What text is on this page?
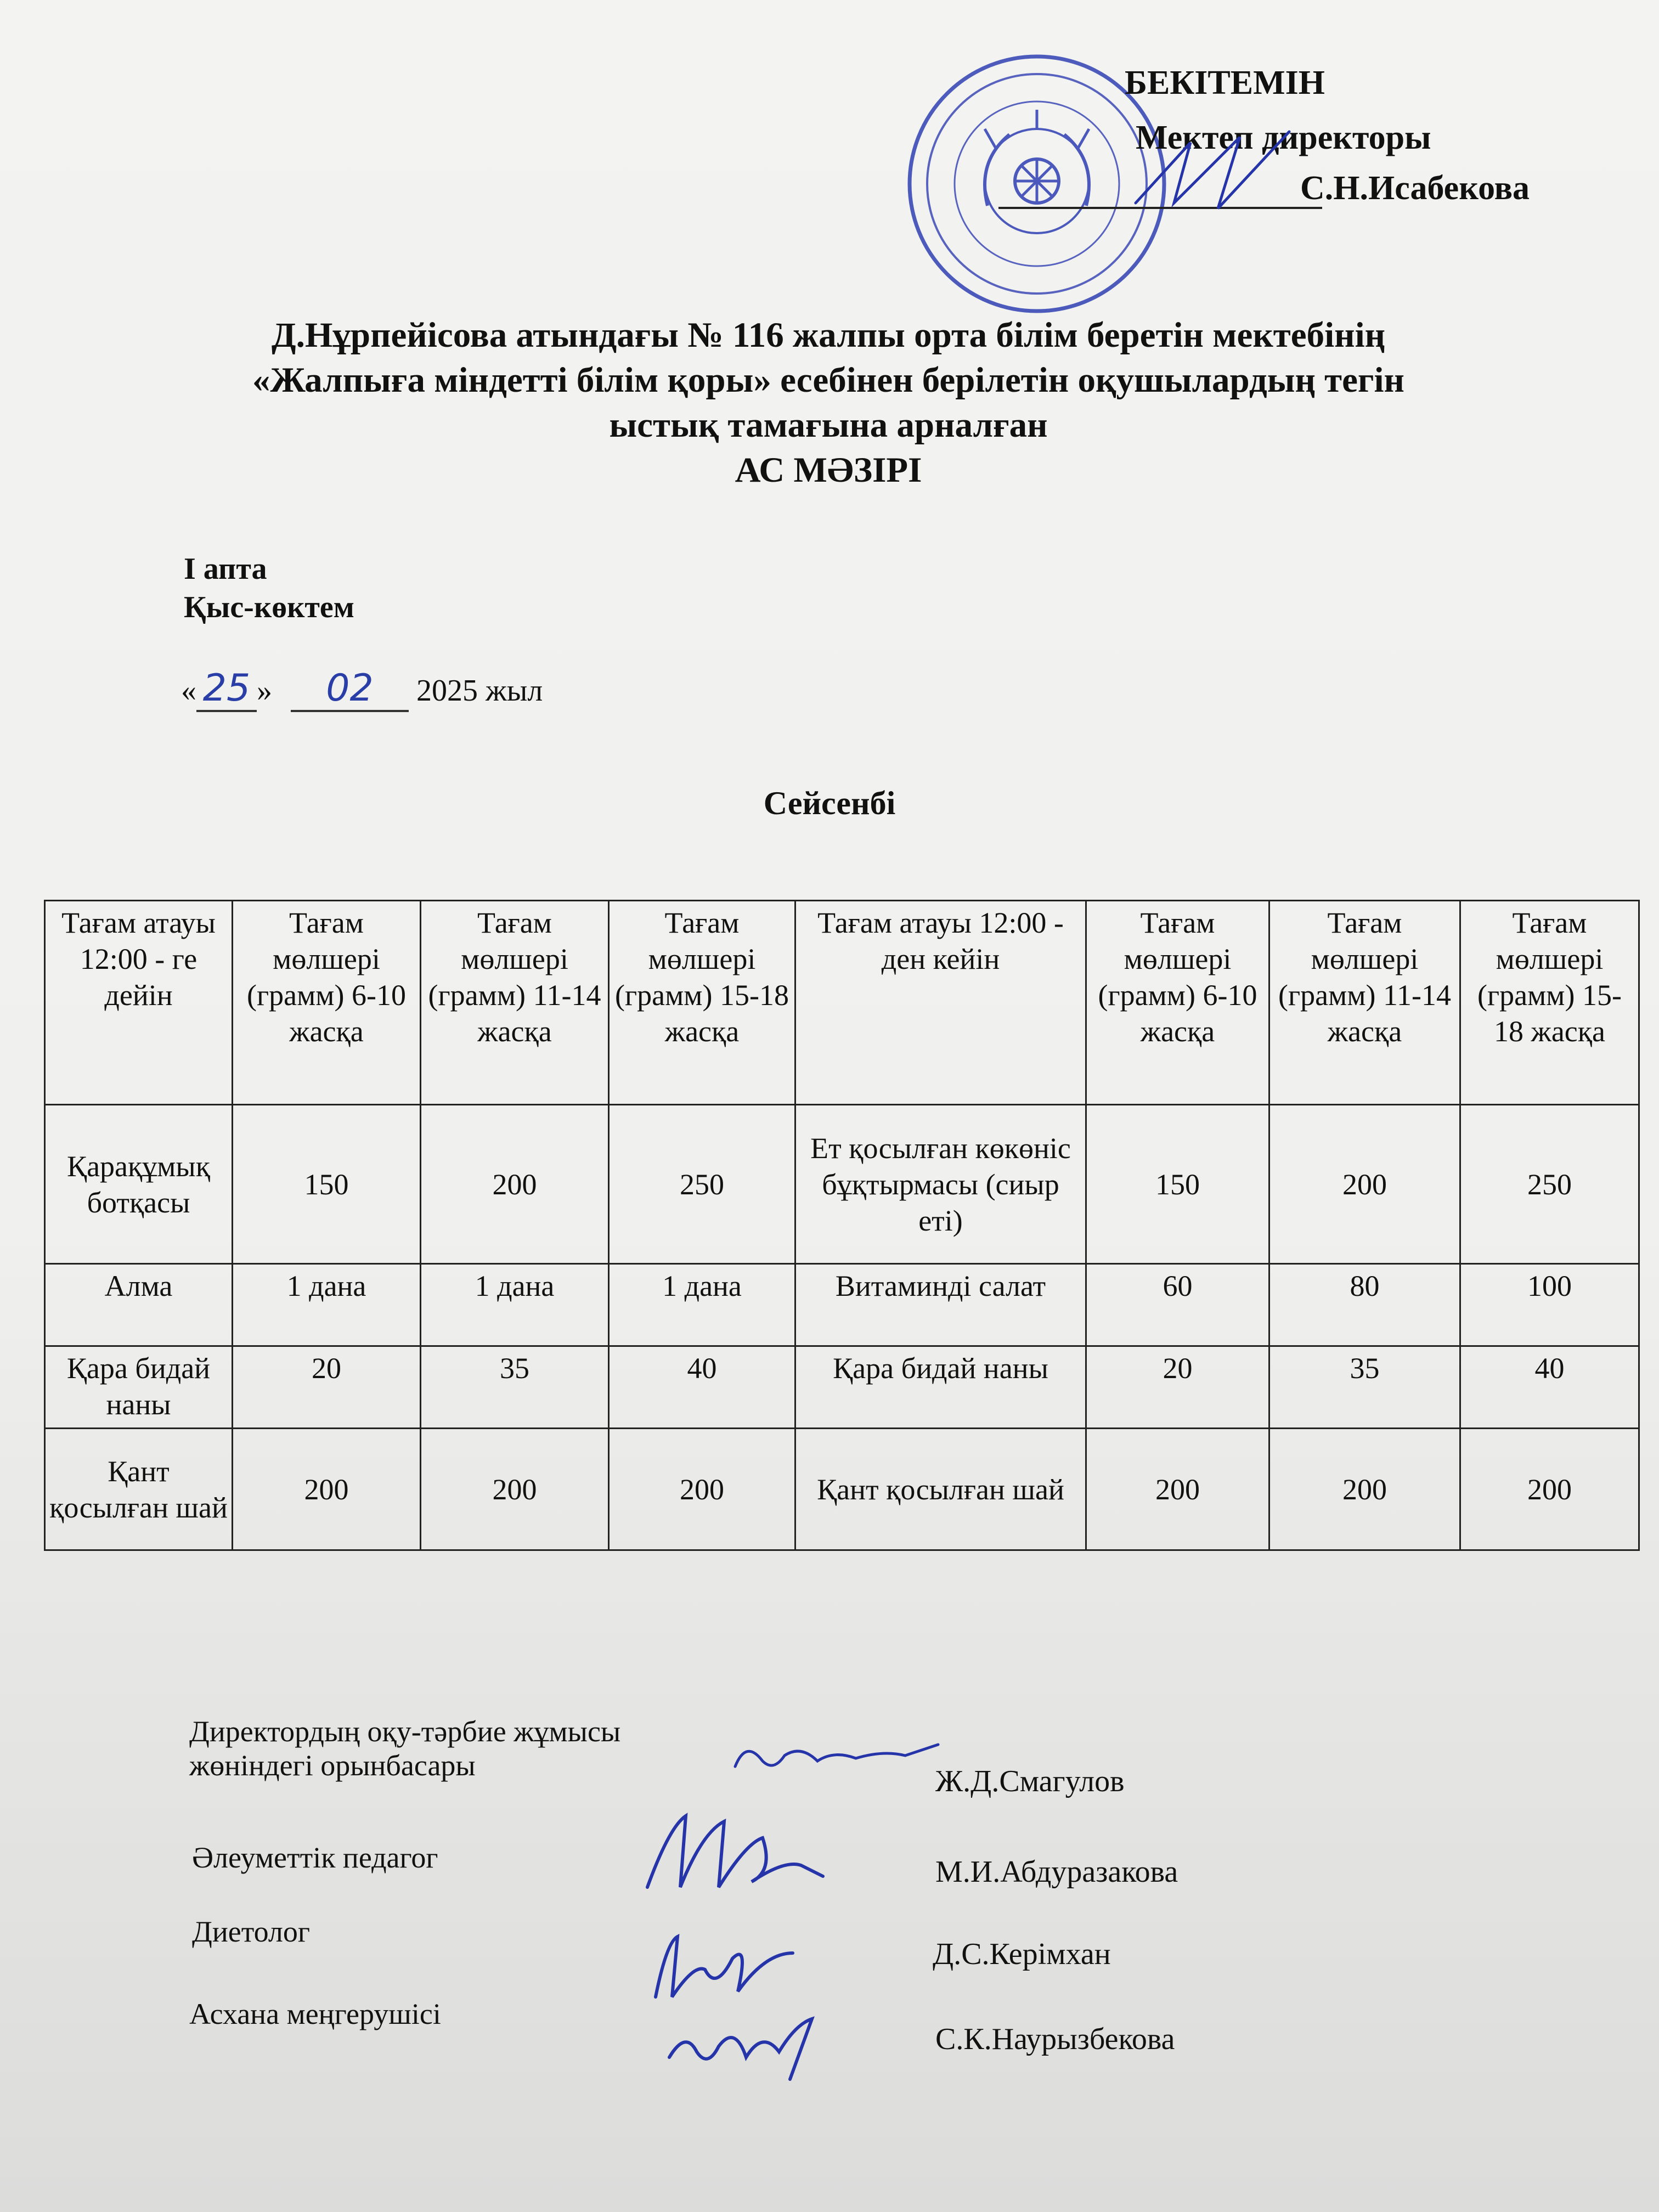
БЕКІТЕМІН
Мектеп директоры
С.Н.Исабекова
Д.Нұрпейісова атындағы № 116 жалпы орта білім беретін мектебінің
«Жалпыға міндетті білім қоры» есебінен берілетін оқушылардың тегін
ыстық тамағына арналған
АС МӘЗІРІ
І апта
Қыс-көктем
« 25 » 02 2025 жыл
Сейсенбі
Тағам атауы 12:00 - ге дейін	Тағам мөлшері (грамм) 6-10 жасқа	Тағам мөлшері (грамм) 11-14 жасқа	Тағам мөлшері (грамм) 15-18 жасқа	Тағам атауы 12:00 - ден кейін	Тағам мөлшері (грамм) 6-10 жасқа	Тағам мөлшері (грамм) 11-14 жасқа	Тағам мөлшері (грамм) 15-18 жасқа
Қарақұмық ботқасы	150	200	250	Ет қосылған көкөніс бұқтырмасы (сиыр еті)	150	200	250
Алма	1 дана	1 дана	1 дана	Витаминді салат	60	80	100
Қара бидай наны	20	35	40	Қара бидай наны	20	35	40
Қант қосылған шай	200	200	200	Қант қосылған шай	200	200	200
Директордың оқу-тәрбие жұмысы жөніндегі орынбасары	Ж.Д.Смагулов
Әлеуметтік педагог	М.И.Абдуразакова
Диетолог
Д.С.Керімхан
Асхана меңгерушісі
С.К.Наурызбекова
